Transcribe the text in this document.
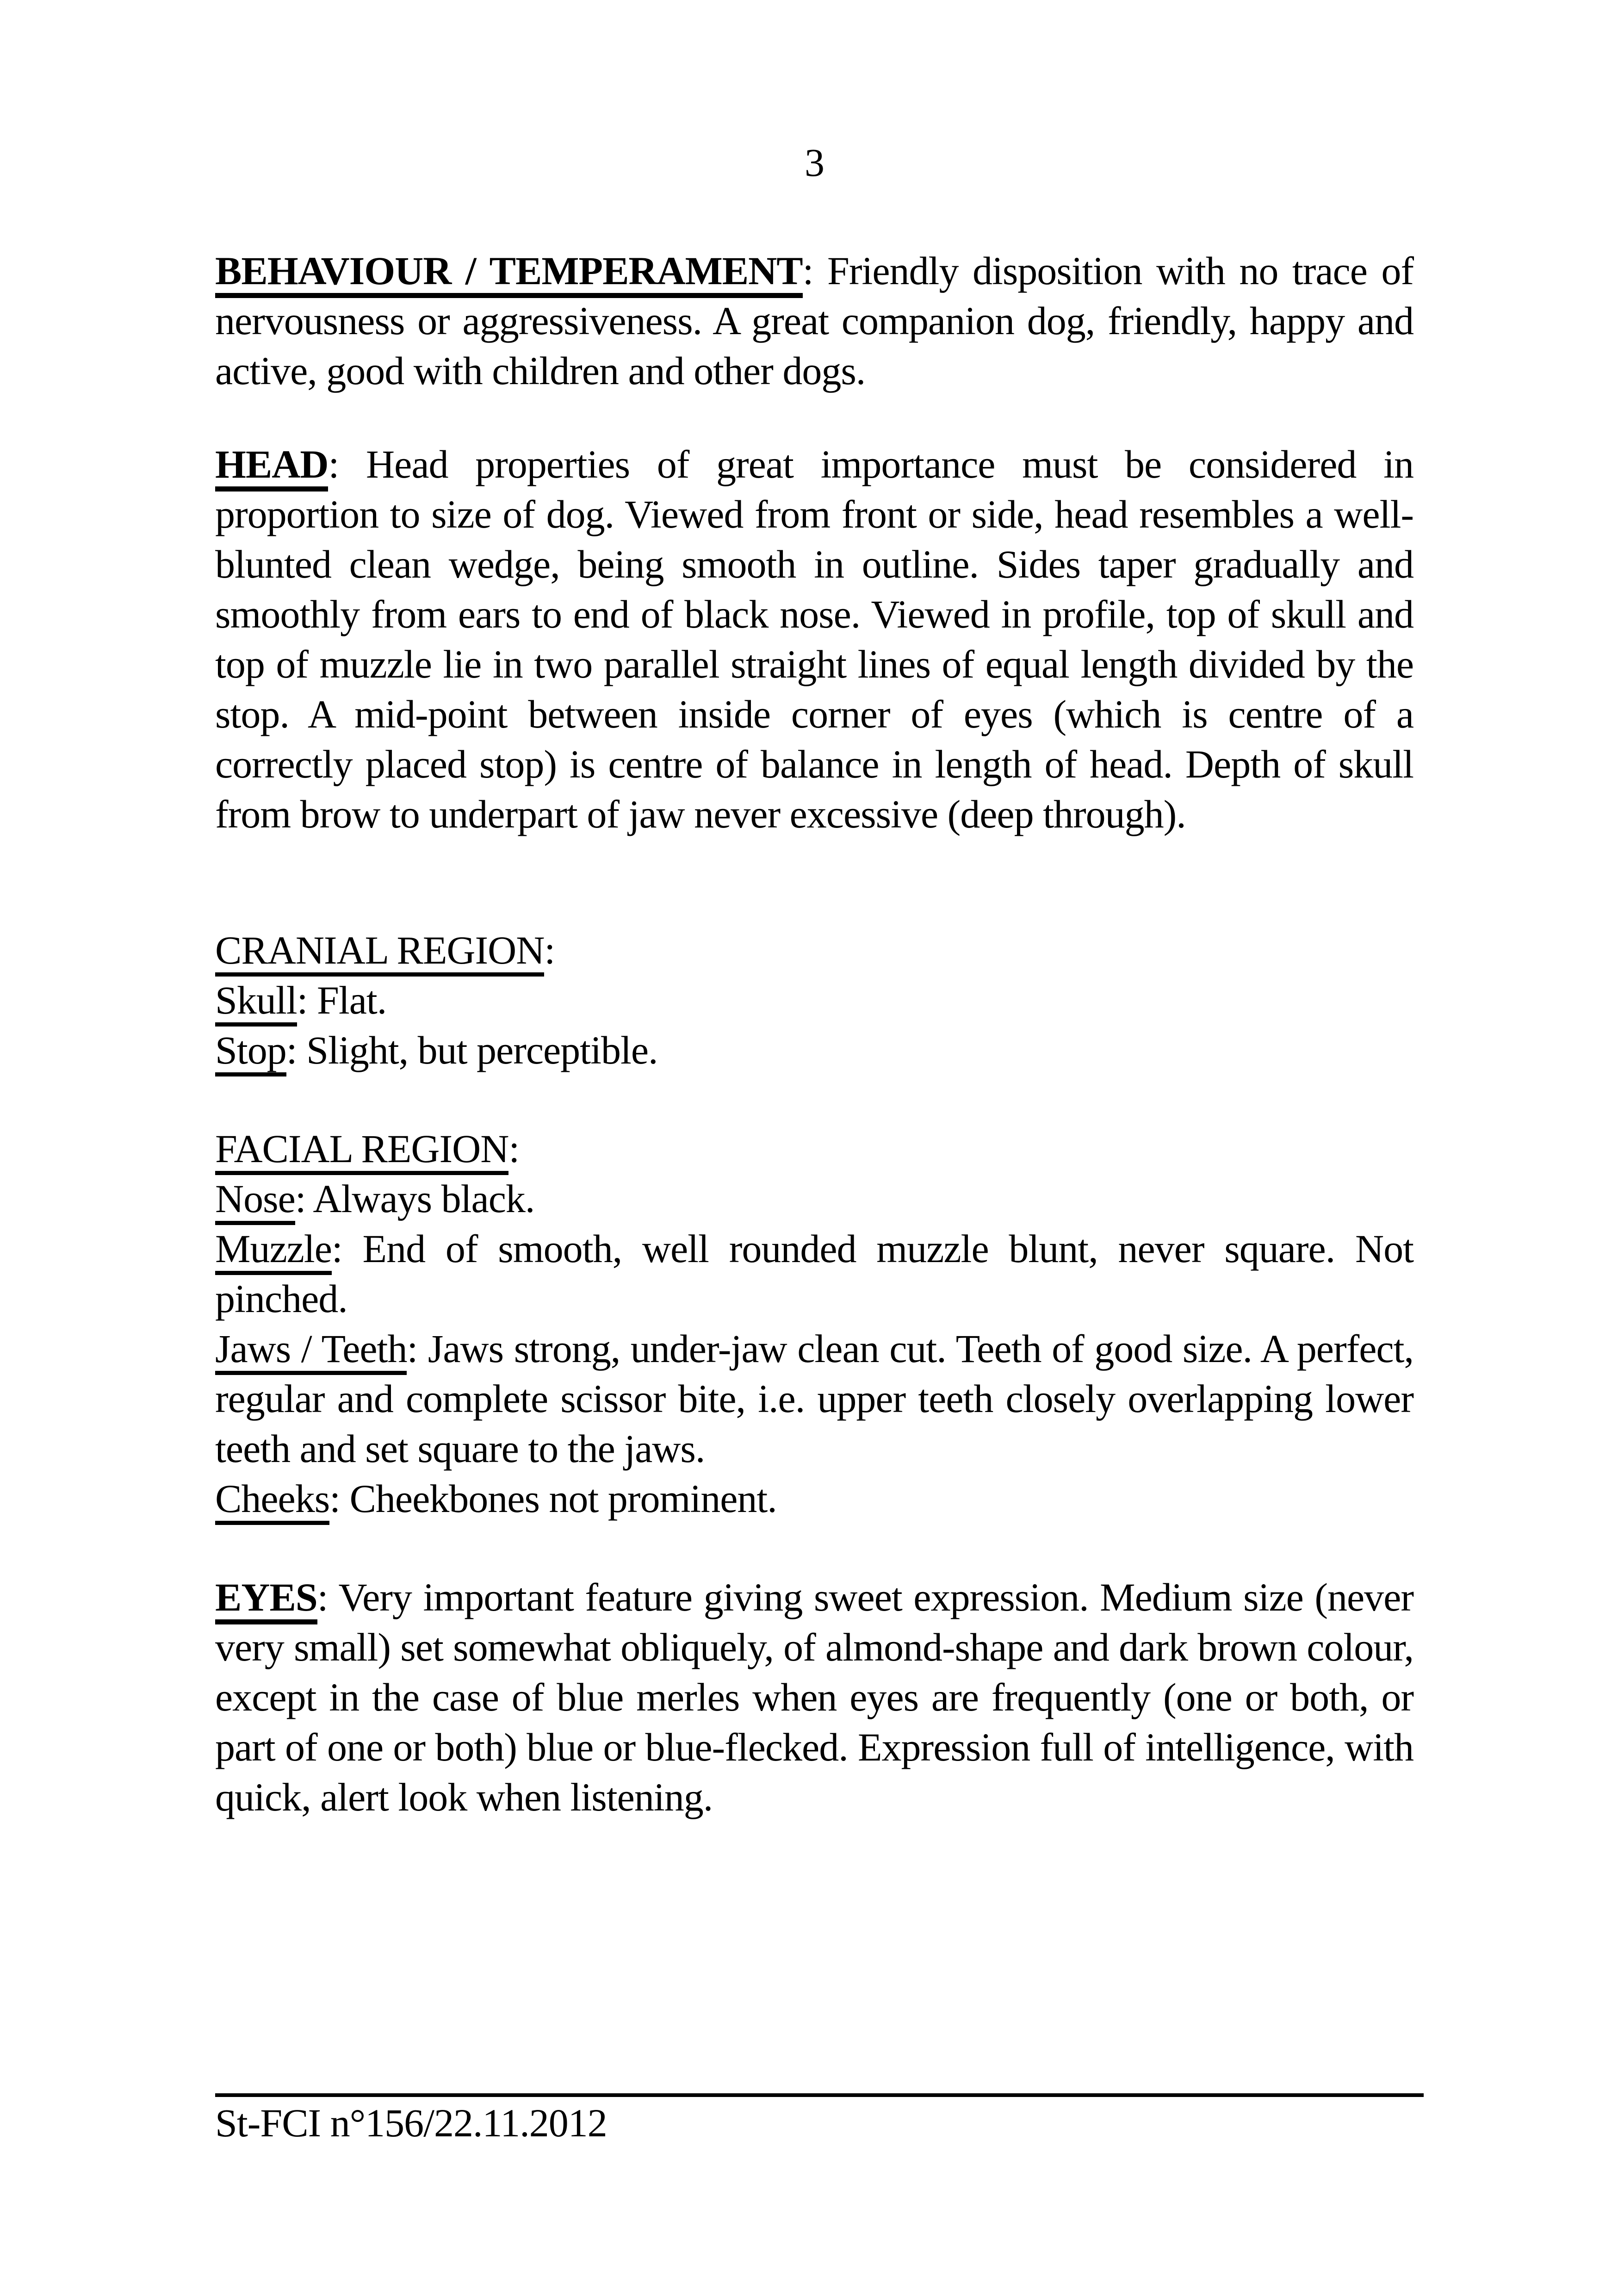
3

BEHAVIOUR / TEMPERAMENT: Friendly disposition with no trace of nervousness or aggressiveness. A great companion dog, friendly, happy and active, good with children and other dogs.

HEAD: Head properties of great importance must be considered in proportion to size of dog. Viewed from front or side, head resembles a well-blunted clean wedge, being smooth in outline. Sides taper gradually and smoothly from ears to end of black nose. Viewed in profile, top of skull and top of muzzle lie in two parallel straight lines of equal length divided by the stop. A mid-point between inside corner of eyes (which is centre of a correctly placed stop) is centre of balance in length of head. Depth of skull from brow to underpart of jaw never excessive (deep through).

CRANIAL REGION:

Skull: Flat.

Stop: Slight, but perceptible.

FACIAL REGION:

Nose: Always black.

Muzzle: End of smooth, well rounded muzzle blunt, never square. Not pinched.

Jaws / Teeth: Jaws strong, under-jaw clean cut. Teeth of good size. A perfect, regular and complete scissor bite, i.e. upper teeth closely overlapping lower teeth and set square to the jaws.

Cheeks: Cheekbones not prominent.

EYES: Very important feature giving sweet expression. Medium size (never very small) set somewhat obliquely, of almond-shape and dark brown colour, except in the case of blue merles when eyes are frequently (one or both, or part of one or both) blue or blue-flecked. Expression full of intelligence, with quick, alert look when listening.

St-FCI n°156/22.11.2012
